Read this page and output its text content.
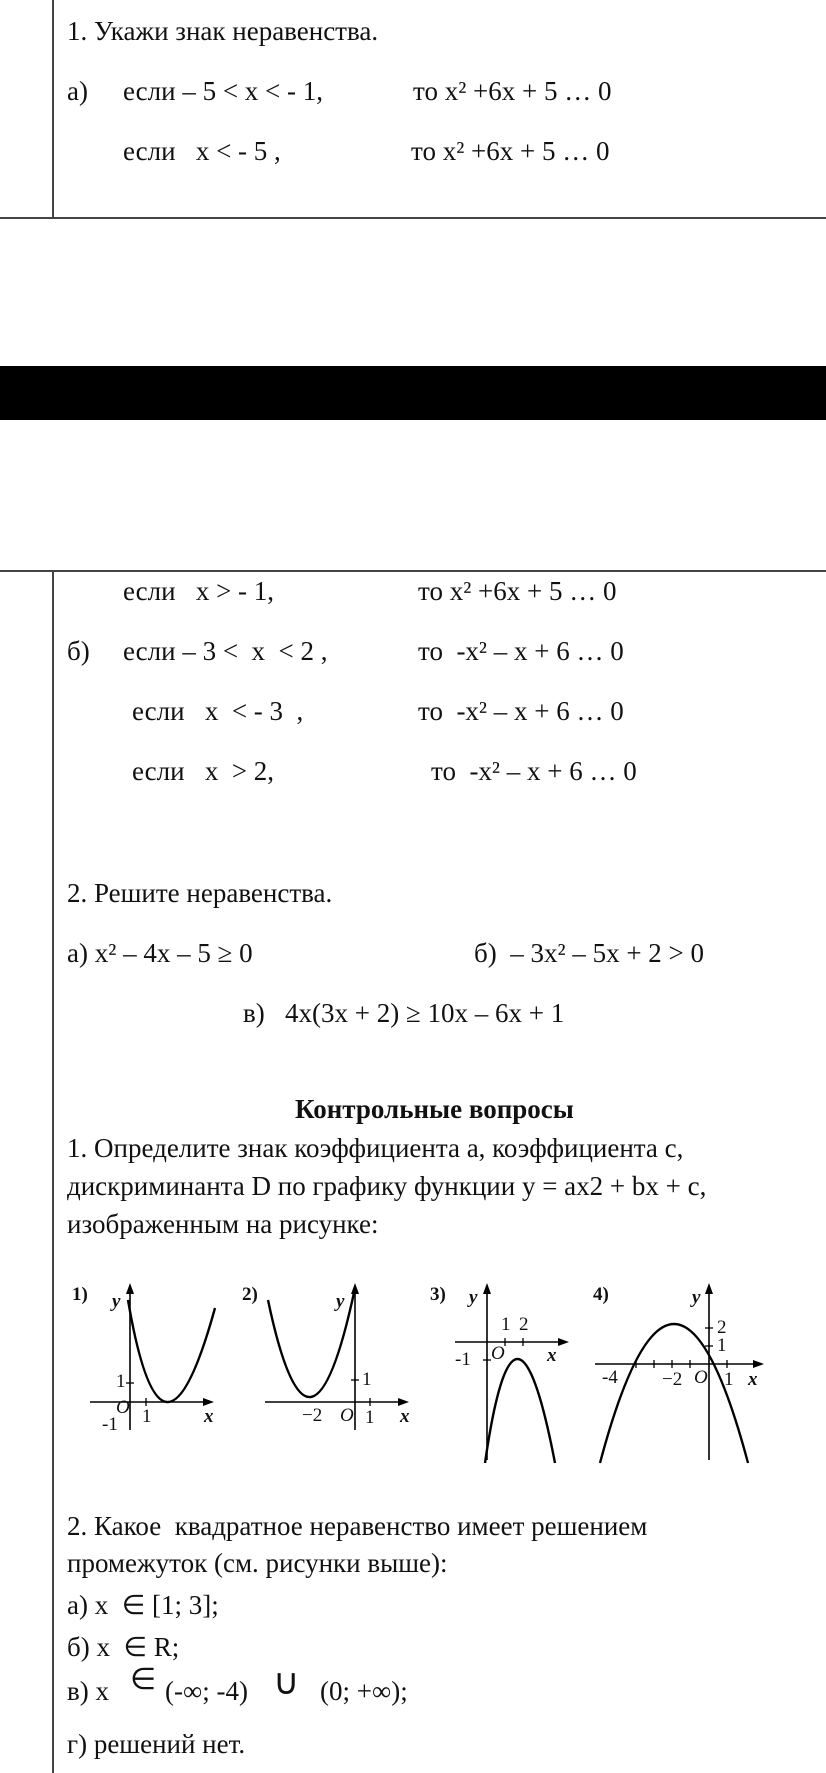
1. Укажи знак неравенства.
а) если – 5 < x < - 1,	то x² +6x + 5 … 0
если   x < - 5 ,	то x² +6x + 5 … 0
если   x > - 1,	то x² +6x + 5 … 0
б) если – 3 <  x  < 2 ,	то  -x² – x + 6 … 0
если   x  < - 3  ,	то  -x² – x + 6 … 0
если   x  > 2,	то  -x² – x + 6 … 0
2. Решите неравенства.
а) x² – 4x – 5 ≥ 0	б)  – 3x² – 5x + 2 > 0
в)   4x(3x + 2) ≥ 10x – 6x + 1
Контрольные вопросы
1. Определите знак коэффициента а, коэффициента с,
дискриминанта D по графику функции y = ax2 + bx + c,
изображенным на рисунке:
1) y
x
O
1
1
-1
2)	y
x
O
1
1
−2
3) y
x
O
1 2
-1
4)	y
x
O
2
1
-4 −2 1
2. Какое  квадратное неравенство имеет решением
промежуток (см. рисунки выше):
а) x  ∈ [1; 3];
б) x  ∈ R;
в) x ∈ (-∞; -4) ∪ (0; +∞);
г) решений нет.
